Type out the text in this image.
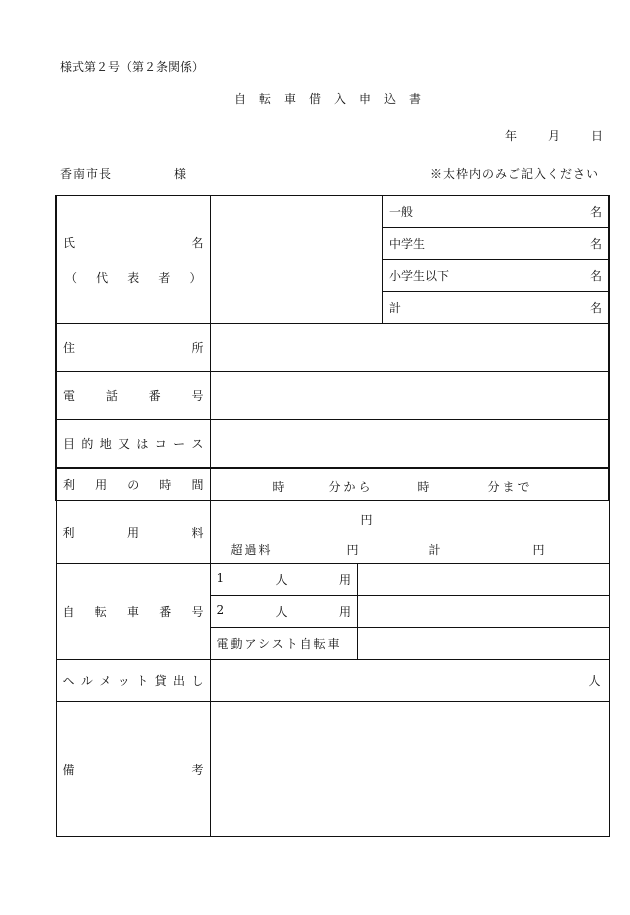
様式第２号（第２条関係）
自転車借入申込書
年	月	日
香南市長	様	※太枠内のみご記入ください
氏	名
（ 代 表 者 ）

一般	名

中学生	名

小学生以下	名

計	名

住	所

電	話	番	号

目 的 地 又 は コ ー ス

利 用 の 時 間	時	分から	時	分まで

利	用	料

円
超過料	円	計	円

自 転 車 番 号

1	人	用

2	人	用

電動アシスト自転車	

ヘ ル メ ッ ト 貸 出 し	人

備	考
